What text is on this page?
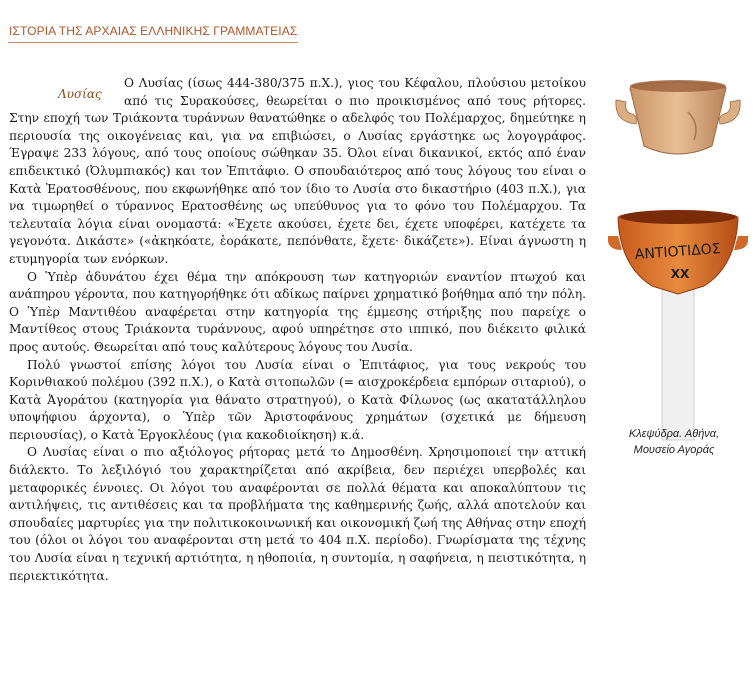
ΙΣΤΟΡΙΑ ΤΗΣ ΑΡΧΑΙΑΣ ΕΛΛΗΝΙΚΗΣ ΓΡΑΜΜΑΤΕΙΑΣ
Λυσίας

Ο Λυσίας (ίσως 444-380/375 π.Χ.), γιος του Κέφαλου, πλούσιου μετοίκου από τις Συρακούσες, θεωρείται ο πιο προικισμένος από τους ρήτορες. Στην εποχή των Τριάκοντα τυράννων θανατώθηκε ο αδελφός του Πολέμαρχος, δημεύτηκε η περιουσία της οικογένειας και, για να επιβιώσει, ο Λυσίας εργάστηκε ως λογογράφος. Έγραψε 233 λόγους, από τους οποίους σώθηκαν 35. Όλοι είναι δικανικοί, εκτός από έναν επιδεικτικό (Ὀλυμπιακός) και τον Ἐπιτάφιο. Ο σπουδαιότερος από τους λόγους του είναι ο Κατὰ Ἐρατοσθένους, που εκφωνήθηκε από τον ίδιο το Λυσία στο δικαστήριο (403 π.Χ.), για να τιμωρηθεί ο τύραννος Ερατοσθένης ως υπεύθυνος για το φόνο του Πολέμαρχου. Τα τελευταία λόγια είναι ονομαστά: «Ἐχετε ακούσει, έχετε δει, έχετε υποφέρει, κατέχετε τα γεγονότα. Δικάστε» («ἀκηκόατε, ἑοράκατε, πεπόνθατε, ἔχετε· δικάζετε»). Είναι άγνωστη η ετυμηγορία των ενόρκων.

Ο Ὑπὲρ ἀδυνάτου έχει θέμα την απόκρουση των κατηγοριών εναντίον πτωχού και ανάπηρου γέροντα, που κατηγορήθηκε ότι αδίκως παίρνει χρηματικό βοήθημα από την πόλη. Ο Ὑπὲρ Μαντιθέου αναφέρεται στην κατηγορία της έμμεσης στήριξης που παρείχε ο Μαντίθεος στους Τριάκοντα τυράννους, αφού υπηρέτησε στο ιππικό, που διέκειτο φιλικά προς αυτούς. Θεωρείται από τους καλύτερους λόγους του Λυσία.

Πολύ γνωστοί επίσης λόγοι του Λυσία είναι ο Ἐπιτάφιος, για τους νεκρούς του Κορινθιακού πολέμου (392 π.Χ.), ο Κατὰ σιτοπωλῶν (= αισχροκέρδεια εμπόρων σιταριού), ο Κατὰ Ἀγοράτου (κατηγορία για θάνατο στρατηγού), ο Κατὰ Φίλωνος (ως ακατατάλληλου υποψήφιου άρχοντα), ο Ὑπὲρ τῶν Ἀριστοφάνους χρημάτων (σχετικά με δήμευση περιουσίας), ο Κατὰ Ἐργοκλέους (για κακοδιοίκηση) κ.ά.

Ο Λυσίας είναι ο πιο αξιόλογος ρήτορας μετά το Δημοσθένη. Χρησιμοποιεί την αττική διάλεκτο. Το λεξιλόγιό του χαρακτηρίζεται από ακρίβεια, δεν περιέχει υπερβολές και μεταφορικές έννοιες. Οι λόγοι του αναφέρονται σε πολλά θέματα και αποκαλύπτουν τις αντιλήψεις, τις αντιθέσεις και τα προβλήματα της καθημερινής ζωής, αλλά αποτελούν και σπουδαίες μαρτυρίες για την πολιτικοκοινωνική και οικονομική ζωή της Αθήνας στην εποχή του (όλοι οι λόγοι του αναφέρονται στη μετά το 404 π.Χ. περίοδο). Γνωρίσματα της τέχνης του Λυσία είναι η τεχνική αρτιότητα, η ηθοποιία, η συντομία, η σαφήνεια, η πειστικότητα, η περιεκτικότητα.

ΑΝΤΙΟΤΙΔΟΣ
XX
Κλεψύδρα. Αθήνα,
Μουσείο Αγοράς
